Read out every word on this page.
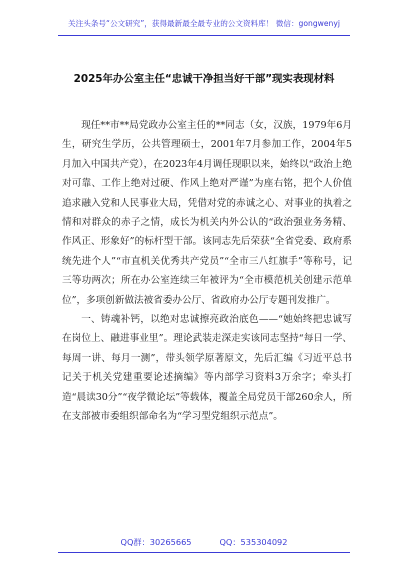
关注头条号“公文研究”，获得最新最全最专业的公文资料库！ 微信：gongwenyj
2025年办公室主任“忠诚干净担当好干部”现实表现材料

现任**市**局党政办公室主任的**同志（女，汉族，1979年6月生，研究生学历，公共管理硕士，2001年7月参加工作，2004年5月加入中国共产党），在2023年4月调任现职以来，始终以“政治上绝对可靠、工作上绝对过硬、作风上绝对严谨”为座右铭，把个人价值追求融入党和人民事业大局，凭借对党的赤诚之心、对事业的执着之情和对群众的赤子之情，成长为机关内外公认的“政治强业务务精、作风正、形象好”的标杆型干部。该同志先后荣获“全省党委、政府系统先进个人”“市直机关优秀共产党员”“全市三八红旗手”等称号，记三等功两次；所在办公室连续三年被评为“全市模范机关创建示范单位”，多项创新做法被省委办公厅、省政府办公厅专题刊发推广。

一、铸魂补钙，以绝对忠诚擦亮政治底色——“她始终把忠诚写在岗位上、融进事业里”。理论武装走深走实该同志坚持“每日一学、每周一讲、每月一测”，带头领学原著原文，先后汇编《习近平总书记关于机关党建重要论述摘编》等内部学习资料3万余字；牵头打造“晨读30分”“夜学微论坛”等载体，覆盖全局党员干部260余人，所在支部被市委组织部命名为“学习型党组织示范点”。

QQ群：30265665	QQ：535304092
